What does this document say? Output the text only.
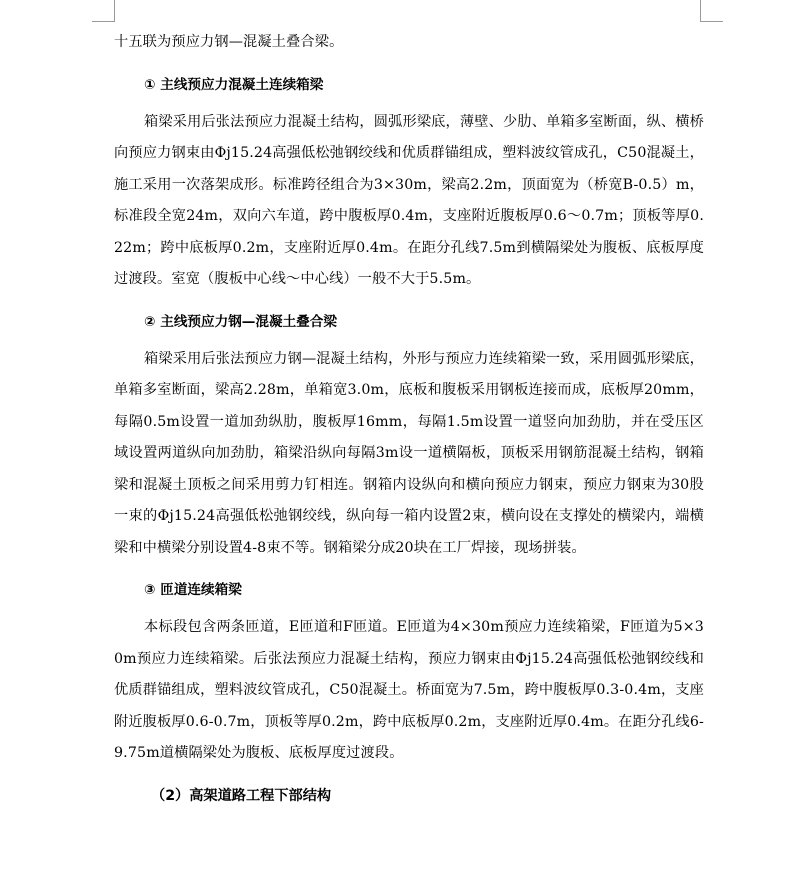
十五联为预应力钢—混凝土叠合梁。

① 主线预应力混凝土连续箱梁

箱梁采用后张法预应力混凝土结构，圆弧形梁底，薄壁、少肋、单箱多室断面，纵、横桥向预应力钢束由Φj15.24高强低松弛钢绞线和优质群锚组成，塑料波纹管成孔，C50混凝土，施工采用一次落架成形。标准跨径组合为3×30m，梁高2.2m，顶面宽为（桥宽B-0.5）m，标准段全宽24m，双向六车道，跨中腹板厚0.4m，支座附近腹板厚0.6～0.7m；顶板等厚0.22m；跨中底板厚0.2m，支座附近厚0.4m。在距分孔线7.5m到横隔梁处为腹板、底板厚度过渡段。室宽（腹板中心线～中心线）一般不大于5.5m。

② 主线预应力钢—混凝土叠合梁

箱梁采用后张法预应力钢—混凝土结构，外形与预应力连续箱梁一致，采用圆弧形梁底，单箱多室断面，梁高2.28m，单箱宽3.0m，底板和腹板采用钢板连接而成，底板厚20mm，每隔0.5m设置一道加劲纵肋，腹板厚16mm，每隔1.5m设置一道竖向加劲肋，并在受压区域设置两道纵向加劲肋，箱梁沿纵向每隔3m设一道横隔板，顶板采用钢筋混凝土结构，钢箱梁和混凝土顶板之间采用剪力钉相连。钢箱内设纵向和横向预应力钢束，预应力钢束为30股一束的Φj15.24高强低松弛钢绞线，纵向每一箱内设置2束，横向设在支撑处的横梁内，端横梁和中横梁分别设置4-8束不等。钢箱梁分成20块在工厂焊接，现场拼装。

③ 匝道连续箱梁

本标段包含两条匝道，E匝道和F匝道。E匝道为4×30m预应力连续箱梁，F匝道为5×30m预应力连续箱梁。后张法预应力混凝土结构，预应力钢束由Φj15.24高强低松弛钢绞线和优质群锚组成，塑料波纹管成孔，C50混凝土。桥面宽为7.5m，跨中腹板厚0.3-0.4m，支座附近腹板厚0.6-0.7m，顶板等厚0.2m，跨中底板厚0.2m，支座附近厚0.4m。在距分孔线6-9.75m道横隔梁处为腹板、底板厚度过渡段。

（2）高架道路工程下部结构
